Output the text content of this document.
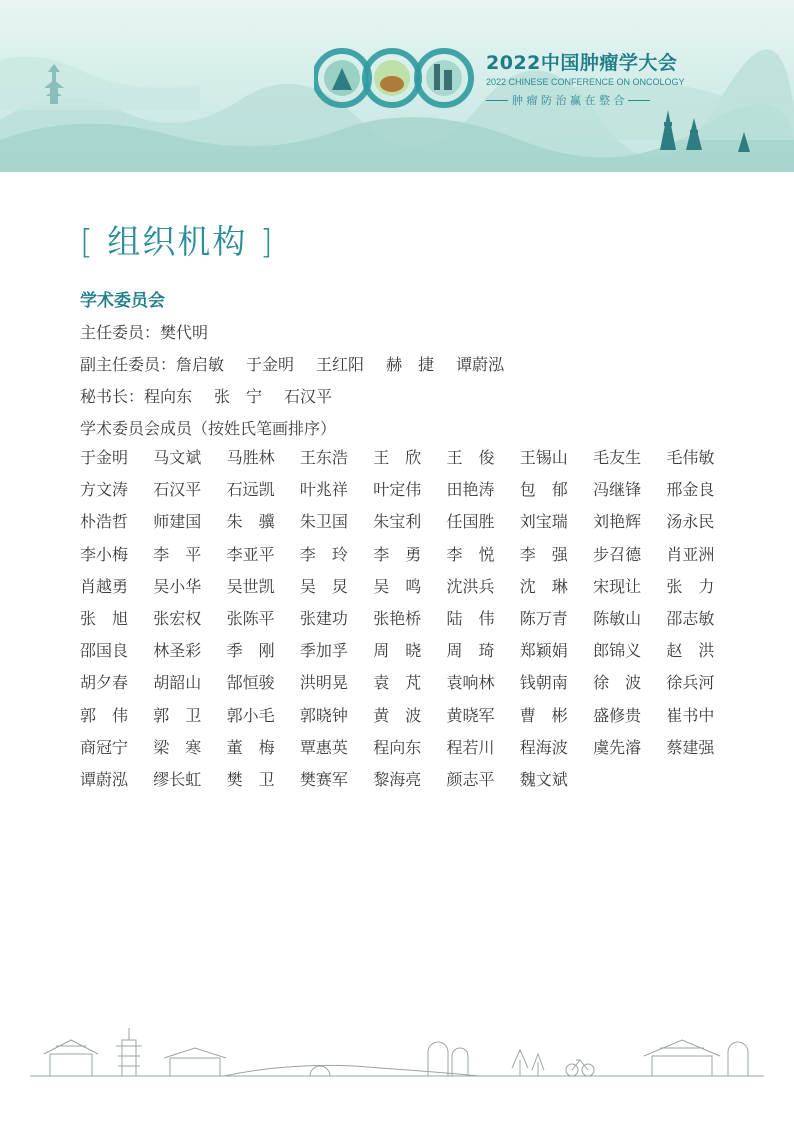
2022中国肿瘤学大会
2022 CHINESE CONFERENCE ON ONCOLOGY
肿 瘤 防 治 赢 在 整 合
[ 组织机构 ]
学术委员会
主任委员：樊代明
副主任委员：詹启敏 于金明 王红阳 赫　捷 谭蔚泓
秘书长：程向东 张　宁 石汉平
学术委员会成员（按姓氏笔画排序）
于金明	马文斌	马胜林	王东浩	王　欣	王　俊	王锡山	毛友生	毛伟敏
方文涛	石汉平	石远凯	叶兆祥	叶定伟	田艳涛	包　郁	冯继锋	邢金良
朴浩哲	师建国	朱　骥	朱卫国	朱宝利	任国胜	刘宝瑞	刘艳辉	汤永民
李小梅	李　平	李亚平	李　玲	李　勇	李　悦	李　强	步召德	肖亚洲
肖越勇	吴小华	吴世凯	吴　炅	吴　鸣	沈洪兵	沈　琳	宋现让	张　力
张　旭	张宏权	张陈平	张建功	张艳桥	陆　伟	陈万青	陈敏山	邵志敏
邵国良	林圣彩	季　刚	季加孚	周　晓	周　琦	郑颖娟	郎锦义	赵　洪
胡夕春	胡韶山	郜恒骏	洪明晃	袁　芃	袁响林	钱朝南	徐　波	徐兵河
郭　伟	郭　卫	郭小毛	郭晓钟	黄　波	黄晓军	曹　彬	盛修贵	崔书中
商冠宁	梁　寒	董　梅	覃惠英	程向东	程若川	程海波	虞先濬	蔡建强
谭蔚泓	缪长虹	樊　卫	樊赛军	黎海亮	颜志平	魏文斌
